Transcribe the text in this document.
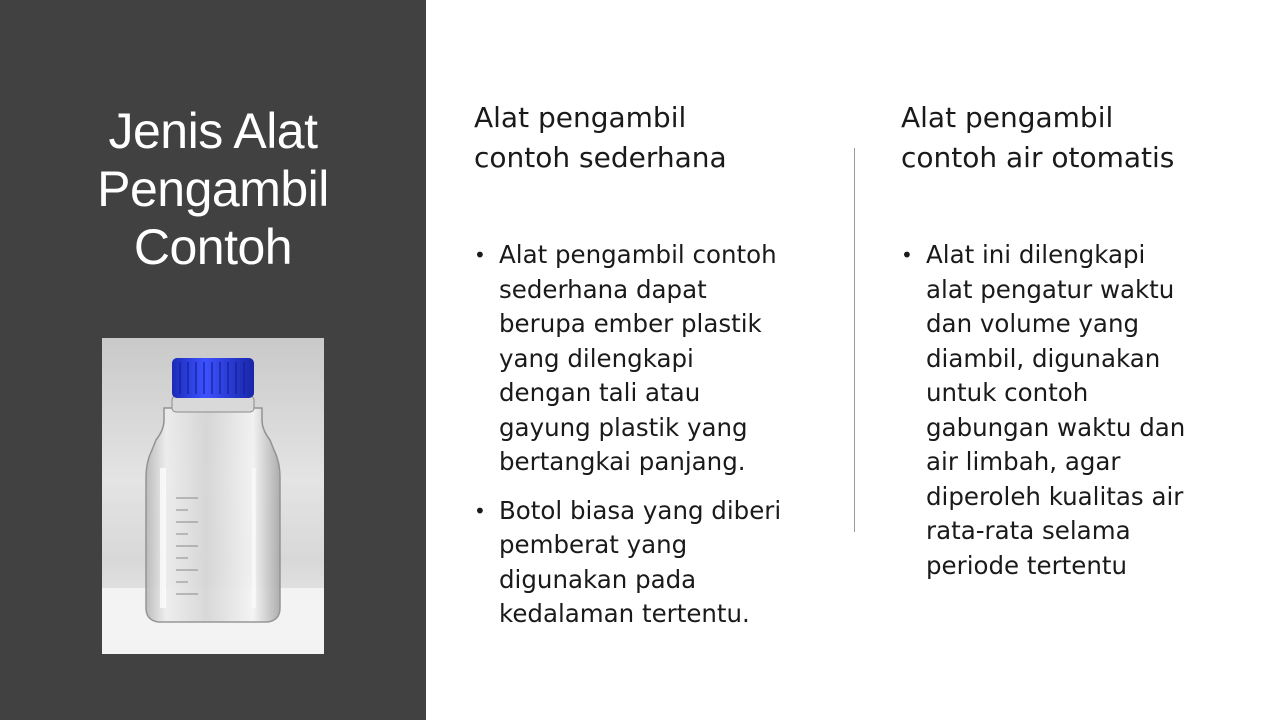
Jenis Alat
Pengambil
Contoh
Alat pengambil
contoh sederhana
• Alat pengambil contoh
sederhana dapat
berupa ember plastik
yang dilengkapi
dengan tali atau
gayung plastik yang
bertangkai panjang.
• Botol biasa yang diberi
pemberat yang
digunakan pada
kedalaman tertentu.
Alat pengambil
contoh air otomatis
• Alat ini dilengkapi
alat pengatur waktu
dan volume yang
diambil, digunakan
untuk contoh
gabungan waktu dan
air limbah, agar
diperoleh kualitas air
rata-rata selama
periode tertentu
